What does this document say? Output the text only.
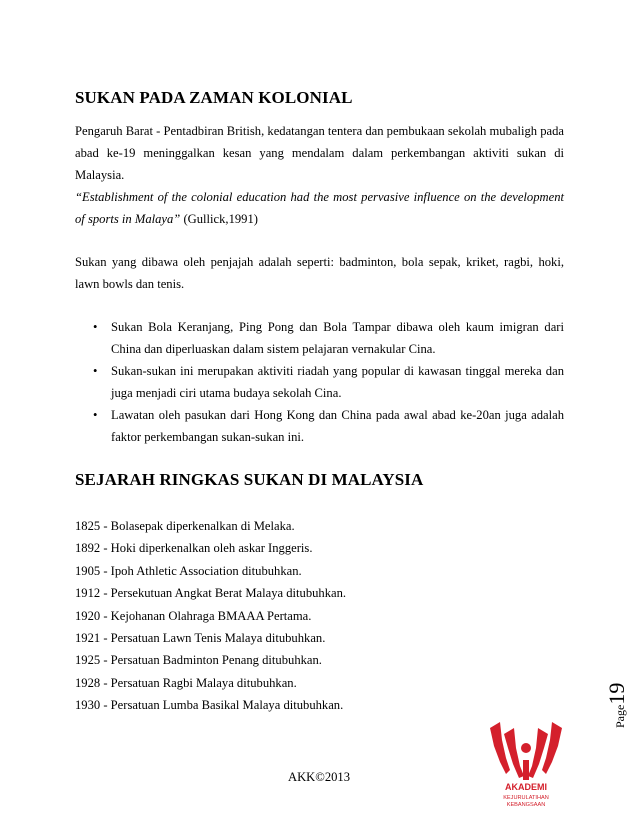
SUKAN PADA ZAMAN KOLONIAL

Pengaruh Barat - Pentadbiran British, kedatangan tentera dan pembukaan sekolah mubaligh pada abad ke-19 meninggalkan kesan yang mendalam dalam perkembangan aktiviti sukan di Malaysia.
“Establishment of the colonial education had the most pervasive influence on the development of sports in Malaya” (Gullick,1991)

Sukan yang dibawa oleh penjajah adalah seperti: badminton, bola sepak, kriket, ragbi, hoki, lawn bowls dan tenis.

• Sukan Bola Keranjang, Ping Pong dan Bola Tampar dibawa oleh kaum imigran dari China dan diperluaskan dalam sistem pelajaran vernakular Cina.
• Sukan-sukan ini merupakan aktiviti riadah yang popular di kawasan tinggal mereka dan juga menjadi ciri utama budaya sekolah Cina.
• Lawatan oleh pasukan dari Hong Kong dan China pada awal abad ke-20an juga adalah faktor perkembangan sukan-sukan ini.
SEJARAH RINGKAS SUKAN DI MALAYSIA
1825 - Bolasepak diperkenalkan di Melaka.
1892 - Hoki diperkenalkan oleh askar Inggeris.
1905 - Ipoh Athletic Association ditubuhkan.
1912 - Persekutuan Angkat Berat Malaya ditubuhkan.
1920 - Kejohanan Olahraga BMAAA Pertama.
1921 - Persatuan Lawn Tenis Malaya ditubuhkan.
1925 - Persatuan Badminton Penang ditubuhkan.
1928 - Persatuan Ragbi Malaya ditubuhkan.
1930 - Persatuan Lumba Basikal Malaya ditubuhkan.	Page19
AKADEMI
KEJURULATIHAN
KEBANGSAAN
AKK©2013
